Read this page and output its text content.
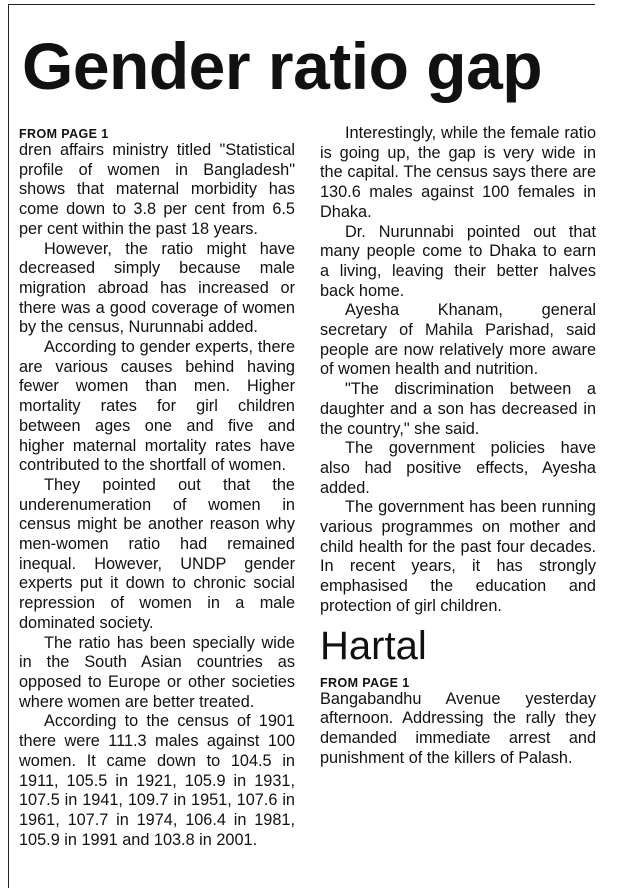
Gender ratio gap
FROM PAGE 1

dren affairs ministry titled "Statistical profile of women in Bangladesh" shows that maternal morbidity has come down to 3.8 per cent from 6.5 per cent within the past 18 years.

However, the ratio might have decreased simply because male migration abroad has increased or there was a good coverage of women by the census, Nurunnabi added.

According to gender experts, there are various causes behind having fewer women than men. Higher mortality rates for girl children between ages one and five and higher maternal mortality rates have contributed to the shortfall of women.

They pointed out that the underenumeration of women in census might be another reason why men-women ratio had remained inequal. However, UNDP gender experts put it down to chronic social repression of women in a male dominated society.

The ratio has been specially wide in the South Asian countries as opposed to Europe or other societies where women are better treated.

According to the census of 1901 there were 111.3 males against 100 women. It came down to 104.5 in 1911, 105.5 in 1921, 105.9 in 1931, 107.5 in 1941, 109.7 in 1951, 107.6 in 1961, 107.7 in 1974, 106.4 in 1981, 105.9 in 1991 and 103.8 in 2001.

Interestingly, while the female ratio is going up, the gap is very wide in the capital. The census says there are 130.6 males against 100 females in Dhaka.

Dr. Nurunnabi pointed out that many people come to Dhaka to earn a living, leaving their better halves back home.

Ayesha Khanam, general secretary of Mahila Parishad, said people are now relatively more aware of women health and nutrition.

"The discrimination between a daughter and a son has decreased in the country," she said.

The government policies have also had positive effects, Ayesha added.

The government has been running various programmes on mother and child health for the past four decades. In recent years, it has strongly emphasised the education and protection of girl children.

Hartal
FROM PAGE 1

Bangabandhu Avenue yesterday afternoon. Addressing the rally they demanded immediate arrest and punishment of the killers of Palash.
